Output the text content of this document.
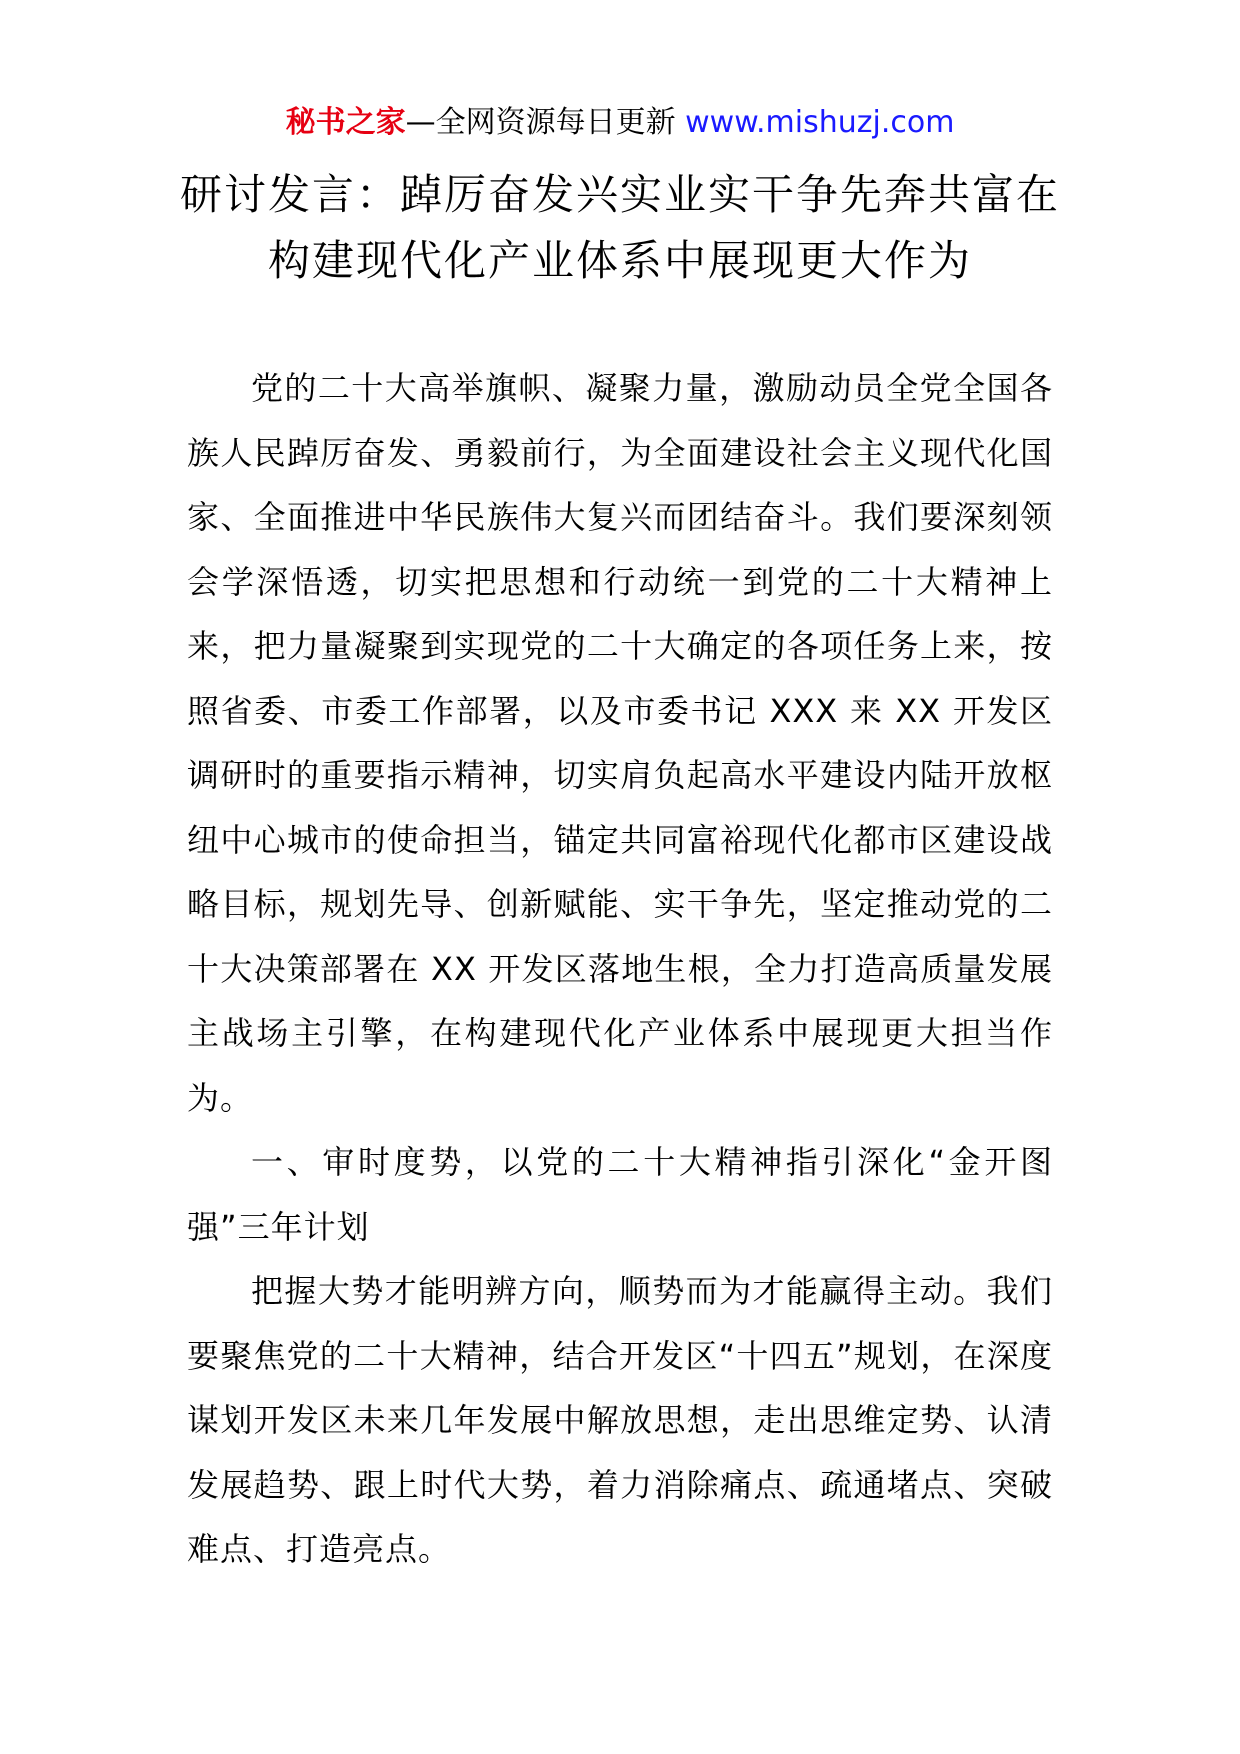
秘书之家—全网资源每日更新 www.mishuzj.com
研讨发言：踔厉奋发兴实业实干争先奔共富在构建现代化产业体系中展现更大作为

党的二十大高举旗帜、凝聚力量，激励动员全党全国各族人民踔厉奋发、勇毅前行，为全面建设社会主义现代化国家、全面推进中华民族伟大复兴而团结奋斗。我们要深刻领会学深悟透，切实把思想和行动统一到党的二十大精神上来，把力量凝聚到实现党的二十大确定的各项任务上来，按照省委、市委工作部署，以及市委书记 XXX 来 XX 开发区调研时的重要指示精神，切实肩负起高水平建设内陆开放枢纽中心城市的使命担当，锚定共同富裕现代化都市区建设战略目标，规划先导、创新赋能、实干争先，坚定推动党的二十大决策部署在 XX 开发区落地生根，全力打造高质量发展主战场主引擎，在构建现代化产业体系中展现更大担当作为。

一、审时度势，以党的二十大精神指引深化“金开图强”三年计划

把握大势才能明辨方向，顺势而为才能赢得主动。我们要聚焦党的二十大精神，结合开发区“十四五”规划，在深度谋划开发区未来几年发展中解放思想，走出思维定势、认清发展趋势、跟上时代大势，着力消除痛点、疏通堵点、突破难点、打造亮点。
